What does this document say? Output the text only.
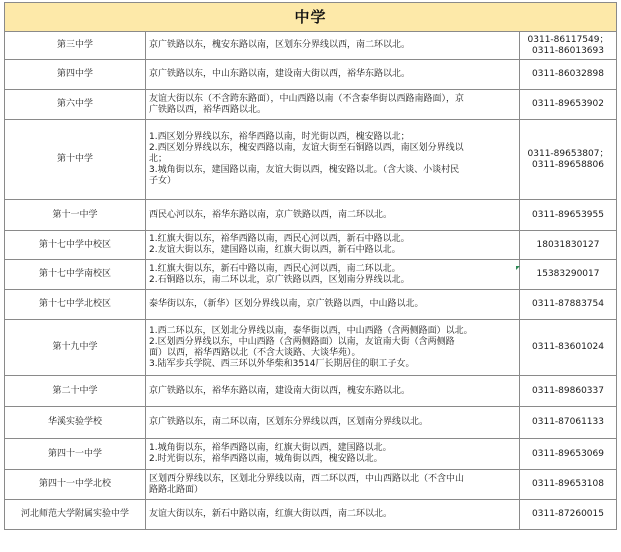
中学		
第三中学	京广铁路以东，槐安东路以南，区划东分界线以西，南二环以北。	0311-86117549；
0311-86013693

第四中学	京广铁路以东，中山东路以南，建设南大街以西，裕华东路以北。	0311-86032898

第六中学	友谊大街以东（不含跨东路面），中山西路以南（不含泰华街以西路南路面），京
广铁路以西，裕华西路以北。	0311-89653902

第十中学	1.西区划分界线以东，裕华西路以南，时光街以西，槐安路以北；
2.西区划分界线以东，槐安西路以南，友谊大街至石铜路以西，南区划分界线以
北；
3.城角街以东，建国路以南，友谊大街以西，槐安路以北。（含大谈、小谈村民
子女）	0311-89653807；
0311-89658806

第十一中学	西民心河以东，裕华东路以南，京广铁路以西，南二环以北。	0311-89653955

第十七中学中校区	1.红旗大街以东，裕华西路以南，西民心河以西，新石中路以北。
2.友谊大街以东，建国路以南，红旗大街以西，新石中路以北。	18031830127

第十七中学南校区	1.红旗大街以东，新石中路以南，西民心河以西，南二环以北。
2.石铜路以东，南二环以北，京广铁路以西，区划南分界线以北。	15383290017

第十七中学北校区	泰华街以东，（新华）区划分界线以南，京广铁路以西，中山路以北。	0311-87883754

第十九中学	1.西二环以东，区划北分界线以南，泰华街以西，中山西路（含两侧路面）以北。
2.区划西分界线以东，中山西路（含两侧路面）以南，友谊南大街（含两侧路
面）以西，裕华西路以北（不含大谈路、大谈华苑）。
3.陆军步兵学院、西三环以外华柴和3514厂长期居住的职工子女。	0311-83601024

第二十中学	京广铁路以东，裕华东路以南，建设南大街以西，槐安东路以北。	0311-89860337

华溪实验学校	京广铁路以东，南二环以南，区划东分界线以西，区划南分界线以北。	0311-87061133

第四十一中学	1.城角街以东，裕华西路以南，红旗大街以西，建国路以北。
2.时光街以东，裕华西路以南，城角街以西，槐安路以北。	0311-89653069

第四十一中学北校	区划西分界线以东，区划北分界线以南，西二环以西，中山西路以北（不含中山
路路北路面）	0311-89653108

河北师范大学附属实验中学	友谊大街以东，新石中路以南，红旗大街以西，南二环以北。	0311-87260015
